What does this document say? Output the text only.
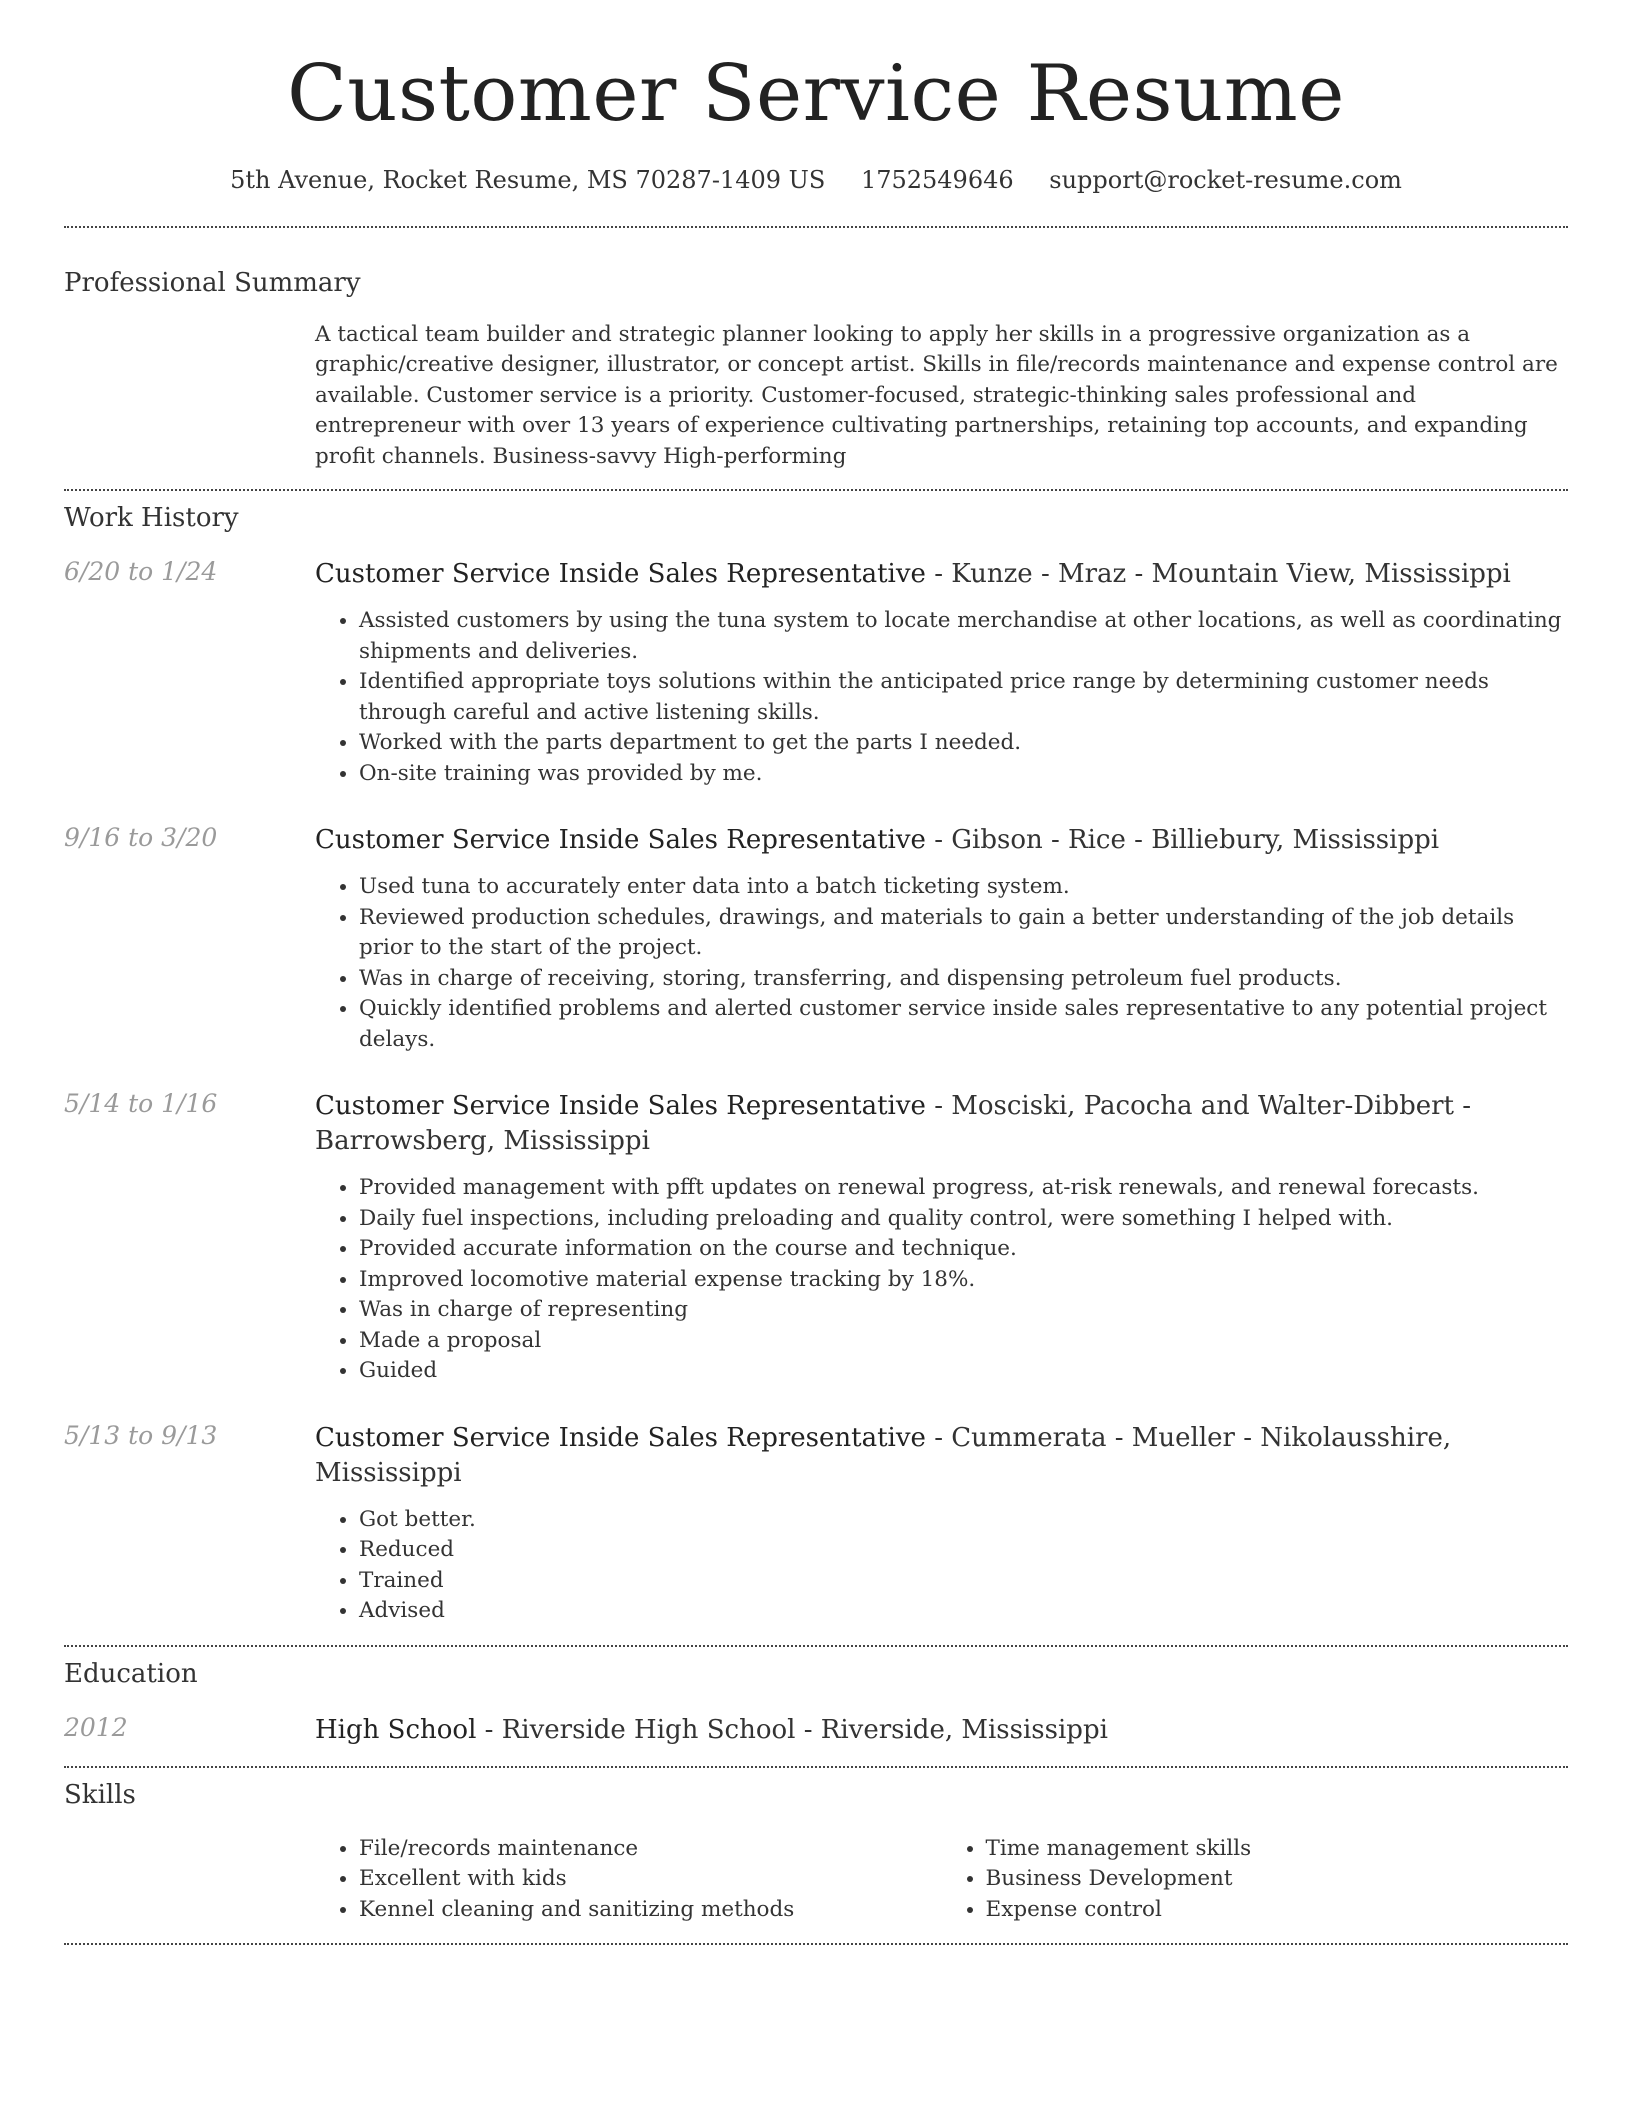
Customer Service Resume
5th Avenue, Rocket Resume, MS 70287-1409 US 1752549646 support@rocket-resume.com
Professional Summary
A tactical team builder and strategic planner looking to apply her skills in a progressive organization as a graphic/creative designer, illustrator, or concept artist. Skills in file/records maintenance and expense control are available. Customer service is a priority. Customer-focused, strategic-thinking sales professional and entrepreneur with over 13 years of experience cultivating partnerships, retaining top accounts, and expanding profit channels. Business-savvy High-performing
Work History
6/20 to 1/24	Customer Service Inside Sales Representative - Kunze - Mraz - Mountain View, Mississippi
• Assisted customers by using the tuna system to locate merchandise at other locations, as well as coordinating shipments and deliveries.
• Identified appropriate toys solutions within the anticipated price range by determining customer needs through careful and active listening skills.
• Worked with the parts department to get the parts I needed.
• On-site training was provided by me.
9/16 to 3/20	Customer Service Inside Sales Representative - Gibson - Rice - Billiebury, Mississippi
• Used tuna to accurately enter data into a batch ticketing system.
• Reviewed production schedules, drawings, and materials to gain a better understanding of the job details prior to the start of the project.
• Was in charge of receiving, storing, transferring, and dispensing petroleum fuel products.
• Quickly identified problems and alerted customer service inside sales representative to any potential project delays.
5/14 to 1/16	Customer Service Inside Sales Representative - Mosciski, Pacocha and Walter-Dibbert - Barrowsberg, Mississippi
• Provided management with pfft updates on renewal progress, at-risk renewals, and renewal forecasts.
• Daily fuel inspections, including preloading and quality control, were something I helped with.
• Provided accurate information on the course and technique.
• Improved locomotive material expense tracking by 18%.
• Was in charge of representing
• Made a proposal
• Guided
5/13 to 9/13	Customer Service Inside Sales Representative - Cummerata - Mueller - Nikolausshire, Mississippi
• Got better.
• Reduced
• Trained
• Advised
Education
2012	High School - Riverside High School - Riverside, Mississippi
Skills
• File/records maintenance
• Excellent with kids
• Kennel cleaning and sanitizing methods
• Time management skills
• Business Development
• Expense control
